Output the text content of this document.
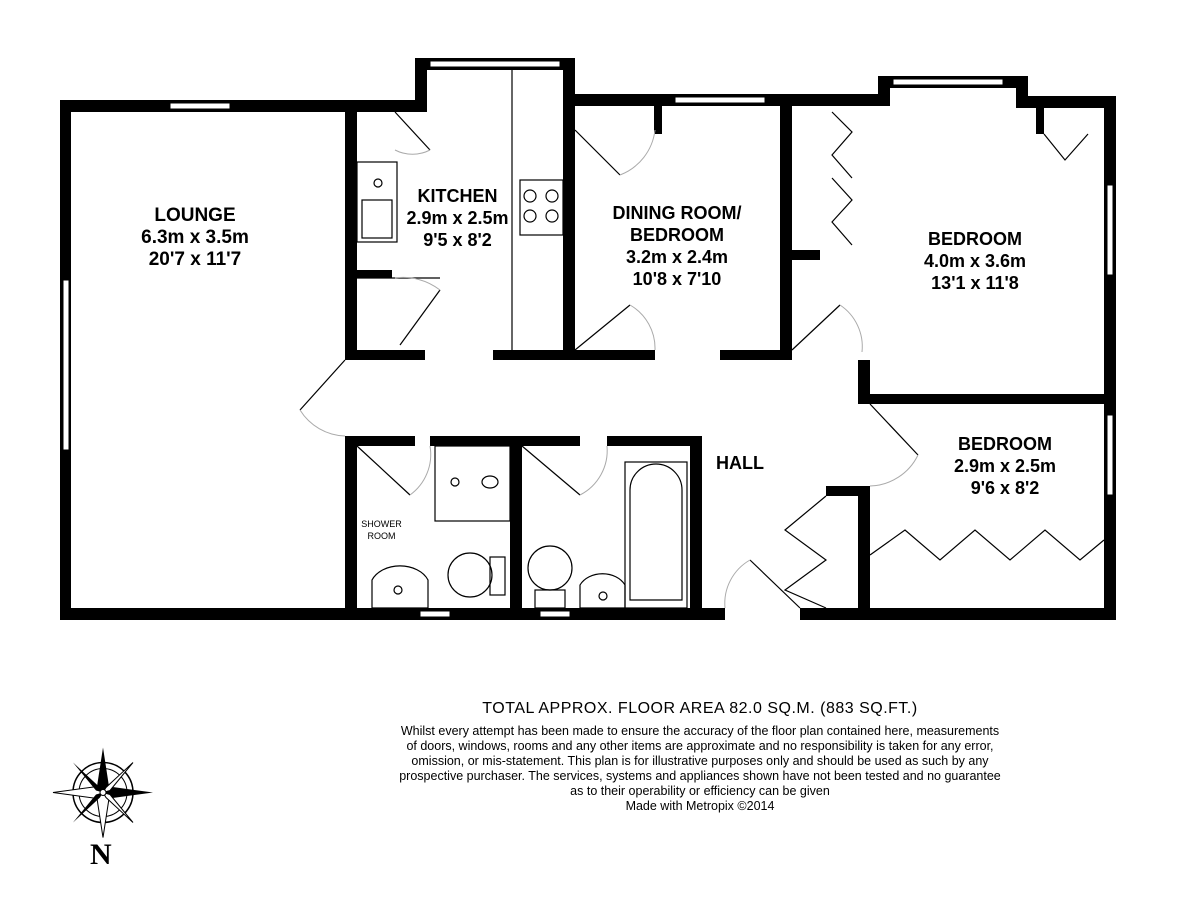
LOUNGE
6.3m x 3.5m
20'7 x 11'7
KITCHEN
2.9m x 2.5m
9'5 x 8'2
DINING ROOM/
BEDROOM
3.2m x 2.4m
10'8 x 7'10
BEDROOM
4.0m x 3.6m
13'1 x 11'8
BEDROOM
2.9m x 2.5m
9'6 x 8'2
HALL
SHOWER
ROOM
TOTAL APPROX. FLOOR AREA 82.0 SQ.M. (883 SQ.FT.)
Whilst every attempt has been made to ensure the accuracy of the floor plan contained here, measurements
of doors, windows, rooms and any other items are approximate and no responsibility is taken for any error,
omission, or mis-statement. This plan is for illustrative purposes only and should be used as such by any
prospective purchaser. The services, systems and appliances shown have not been tested and no guarantee
as to their operability or efficiency can be given
Made with Metropix ©2014
N
